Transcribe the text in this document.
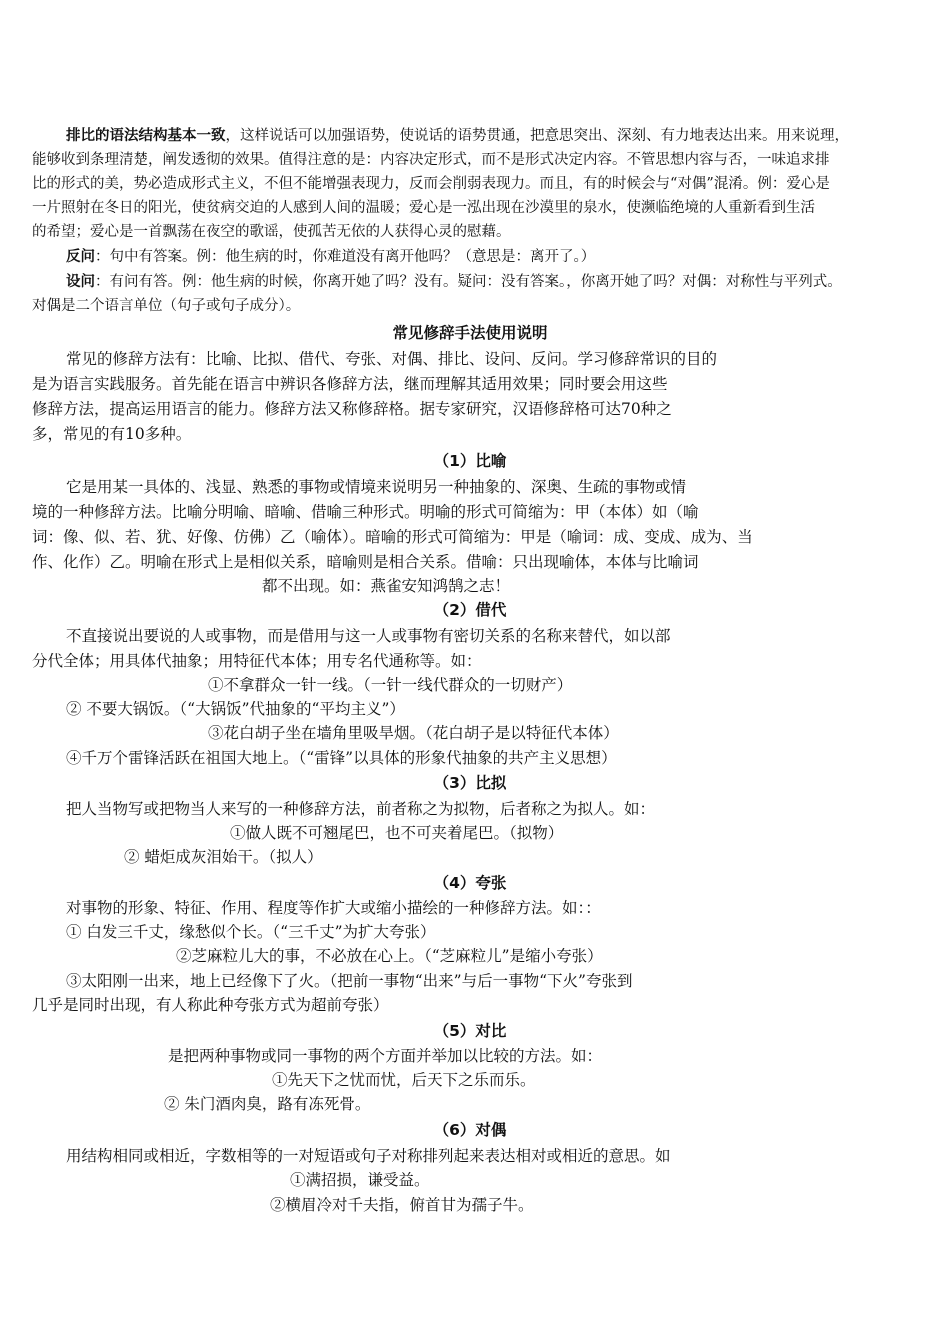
排比的语法结构基本一致，这样说话可以加强语势，使说话的语势贯通，把意思突出、深刻、有力地表达出来。用来说理，

能够收到条理清楚，阐发透彻的效果。值得注意的是：内容决定形式，而不是形式决定内容。不管思想内容与否，一味追求排

比的形式的美，势必造成形式主义，不但不能增强表现力，反而会削弱表现力。而且，有的时候会与“对偶”混淆。例：爱心是

一片照射在冬日的阳光，使贫病交迫的人感到人间的温暖；爱心是一泓出现在沙漠里的泉水，使濒临绝境的人重新看到生活

的希望；爱心是一首飘荡在夜空的歌谣，使孤苦无依的人获得心灵的慰藉。

反问：句中有答案。例：他生病的时，你难道没有离开他吗？（意思是：离开了。）

设问：有问有答。例：他生病的时候，你离开她了吗？没有。疑问：没有答案。，你离开她了吗？对偶：对称性与平列式。

对偶是二个语言单位（句子或句子成分）。

常见修辞手法使用说明

常见的修辞方法有：比喻、比拟、借代、夸张、对偶、排比、设问、反问。学习修辞常识的目的

是为语言实践服务。首先能在语言中辨识各修辞方法，继而理解其适用效果；同时要会用这些

修辞方法，提高运用语言的能力。修辞方法又称修辞格。据专家研究，汉语修辞格可达70种之

多，常见的有10多种。

（1）比喻

它是用某一具体的、浅显、熟悉的事物或情境来说明另一种抽象的、深奥、生疏的事物或情

境的一种修辞方法。比喻分明喻、暗喻、借喻三种形式。明喻的形式可简缩为：甲（本体）如（喻

词：像、似、若、犹、好像、仿佛）乙（喻体）。暗喻的形式可简缩为：甲是（喻词：成、变成、成为、当

作、化作）乙。明喻在形式上是相似关系，暗喻则是相合关系。借喻：只出现喻体，本体与比喻词

都不出现。如：燕雀安知鸿鹄之志！

（2）借代

不直接说出要说的人或事物，而是借用与这一人或事物有密切关系的名称来替代，如以部

分代全体；用具体代抽象；用特征代本体；用专名代通称等。如：

①不拿群众一针一线。（一针一线代群众的一切财产）

② 不要大锅饭。（“大锅饭”代抽象的“平均主义”）

③花白胡子坐在墙角里吸旱烟。（花白胡子是以特征代本体）

④千万个雷锋活跃在祖国大地上。（“雷锋”以具体的形象代抽象的共产主义思想）

（3）比拟

把人当物写或把物当人来写的一种修辞方法，前者称之为拟物，后者称之为拟人。如：

①做人既不可翘尾巴，也不可夹着尾巴。（拟物）

② 蜡炬成灰泪始干。（拟人）

（4）夸张

对事物的形象、特征、作用、程度等作扩大或缩小描绘的一种修辞方法。如：：

① 白发三千丈，缘愁似个长。（“三千丈”为扩大夸张）

②芝麻粒儿大的事，不必放在心上。（“芝麻粒儿”是缩小夸张）

③太阳刚一出来，地上已经像下了火。（把前一事物“出来”与后一事物“下火”夸张到

几乎是同时出现，有人称此种夸张方式为超前夸张）

（5）对比

是把两种事物或同一事物的两个方面并举加以比较的方法。如：

①先天下之忧而忧，后天下之乐而乐。

② 朱门酒肉臭，路有冻死骨。

（6）对偶

用结构相同或相近，字数相等的一对短语或句子对称排列起来表达相对或相近的意思。如

①满招损，谦受益。

②横眉冷对千夫指，俯首甘为孺子牛。
